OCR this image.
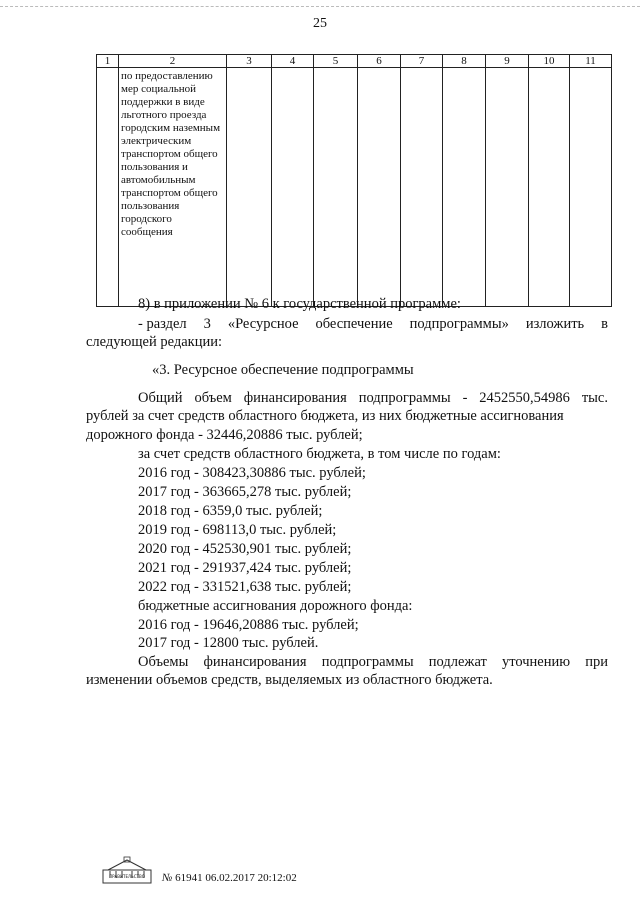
25
1	2	3	4	5	6	7	8	9	10	11
	по предоставлению мер социальной поддержки в виде льготного проезда городским наземным электрическим транспортом общего пользования и автомобильным транспортом общего пользования городского сообщения									
8) в приложении № 6 к государственной программе:
- раздел 3 «Ресурсное обеспечение подпрограммы» изложить в
следующей редакции:
«3. Ресурсное обеспечение подпрограммы
Общий объем финансирования подпрограммы - 2452550,54986 тыс.
рублей за счет средств областного бюджета, из них бюджетные ассигнования
дорожного фонда - 32446,20886 тыс. рублей;
за счет средств областного бюджета, в том числе по годам:
2016 год - 308423,30886 тыс. рублей;
2017 год - 363665,278 тыс. рублей;
2018 год - 6359,0 тыс. рублей;
2019 год - 698113,0 тыс. рублей;
2020 год - 452530,901 тыс. рублей;
2021 год - 291937,424 тыс. рублей;
2022 год - 331521,638 тыс. рублей;
бюджетные ассигнования дорожного фонда:
2016 год - 19646,20886 тыс. рублей;
2017 год - 12800 тыс. рублей.
Объемы финансирования подпрограммы подлежат уточнению при
изменении объемов средств, выделяемых из областного бюджета.
ПРАВИТЕЛЬСТВО	№ 61941 06.02.2017 20:12:02
